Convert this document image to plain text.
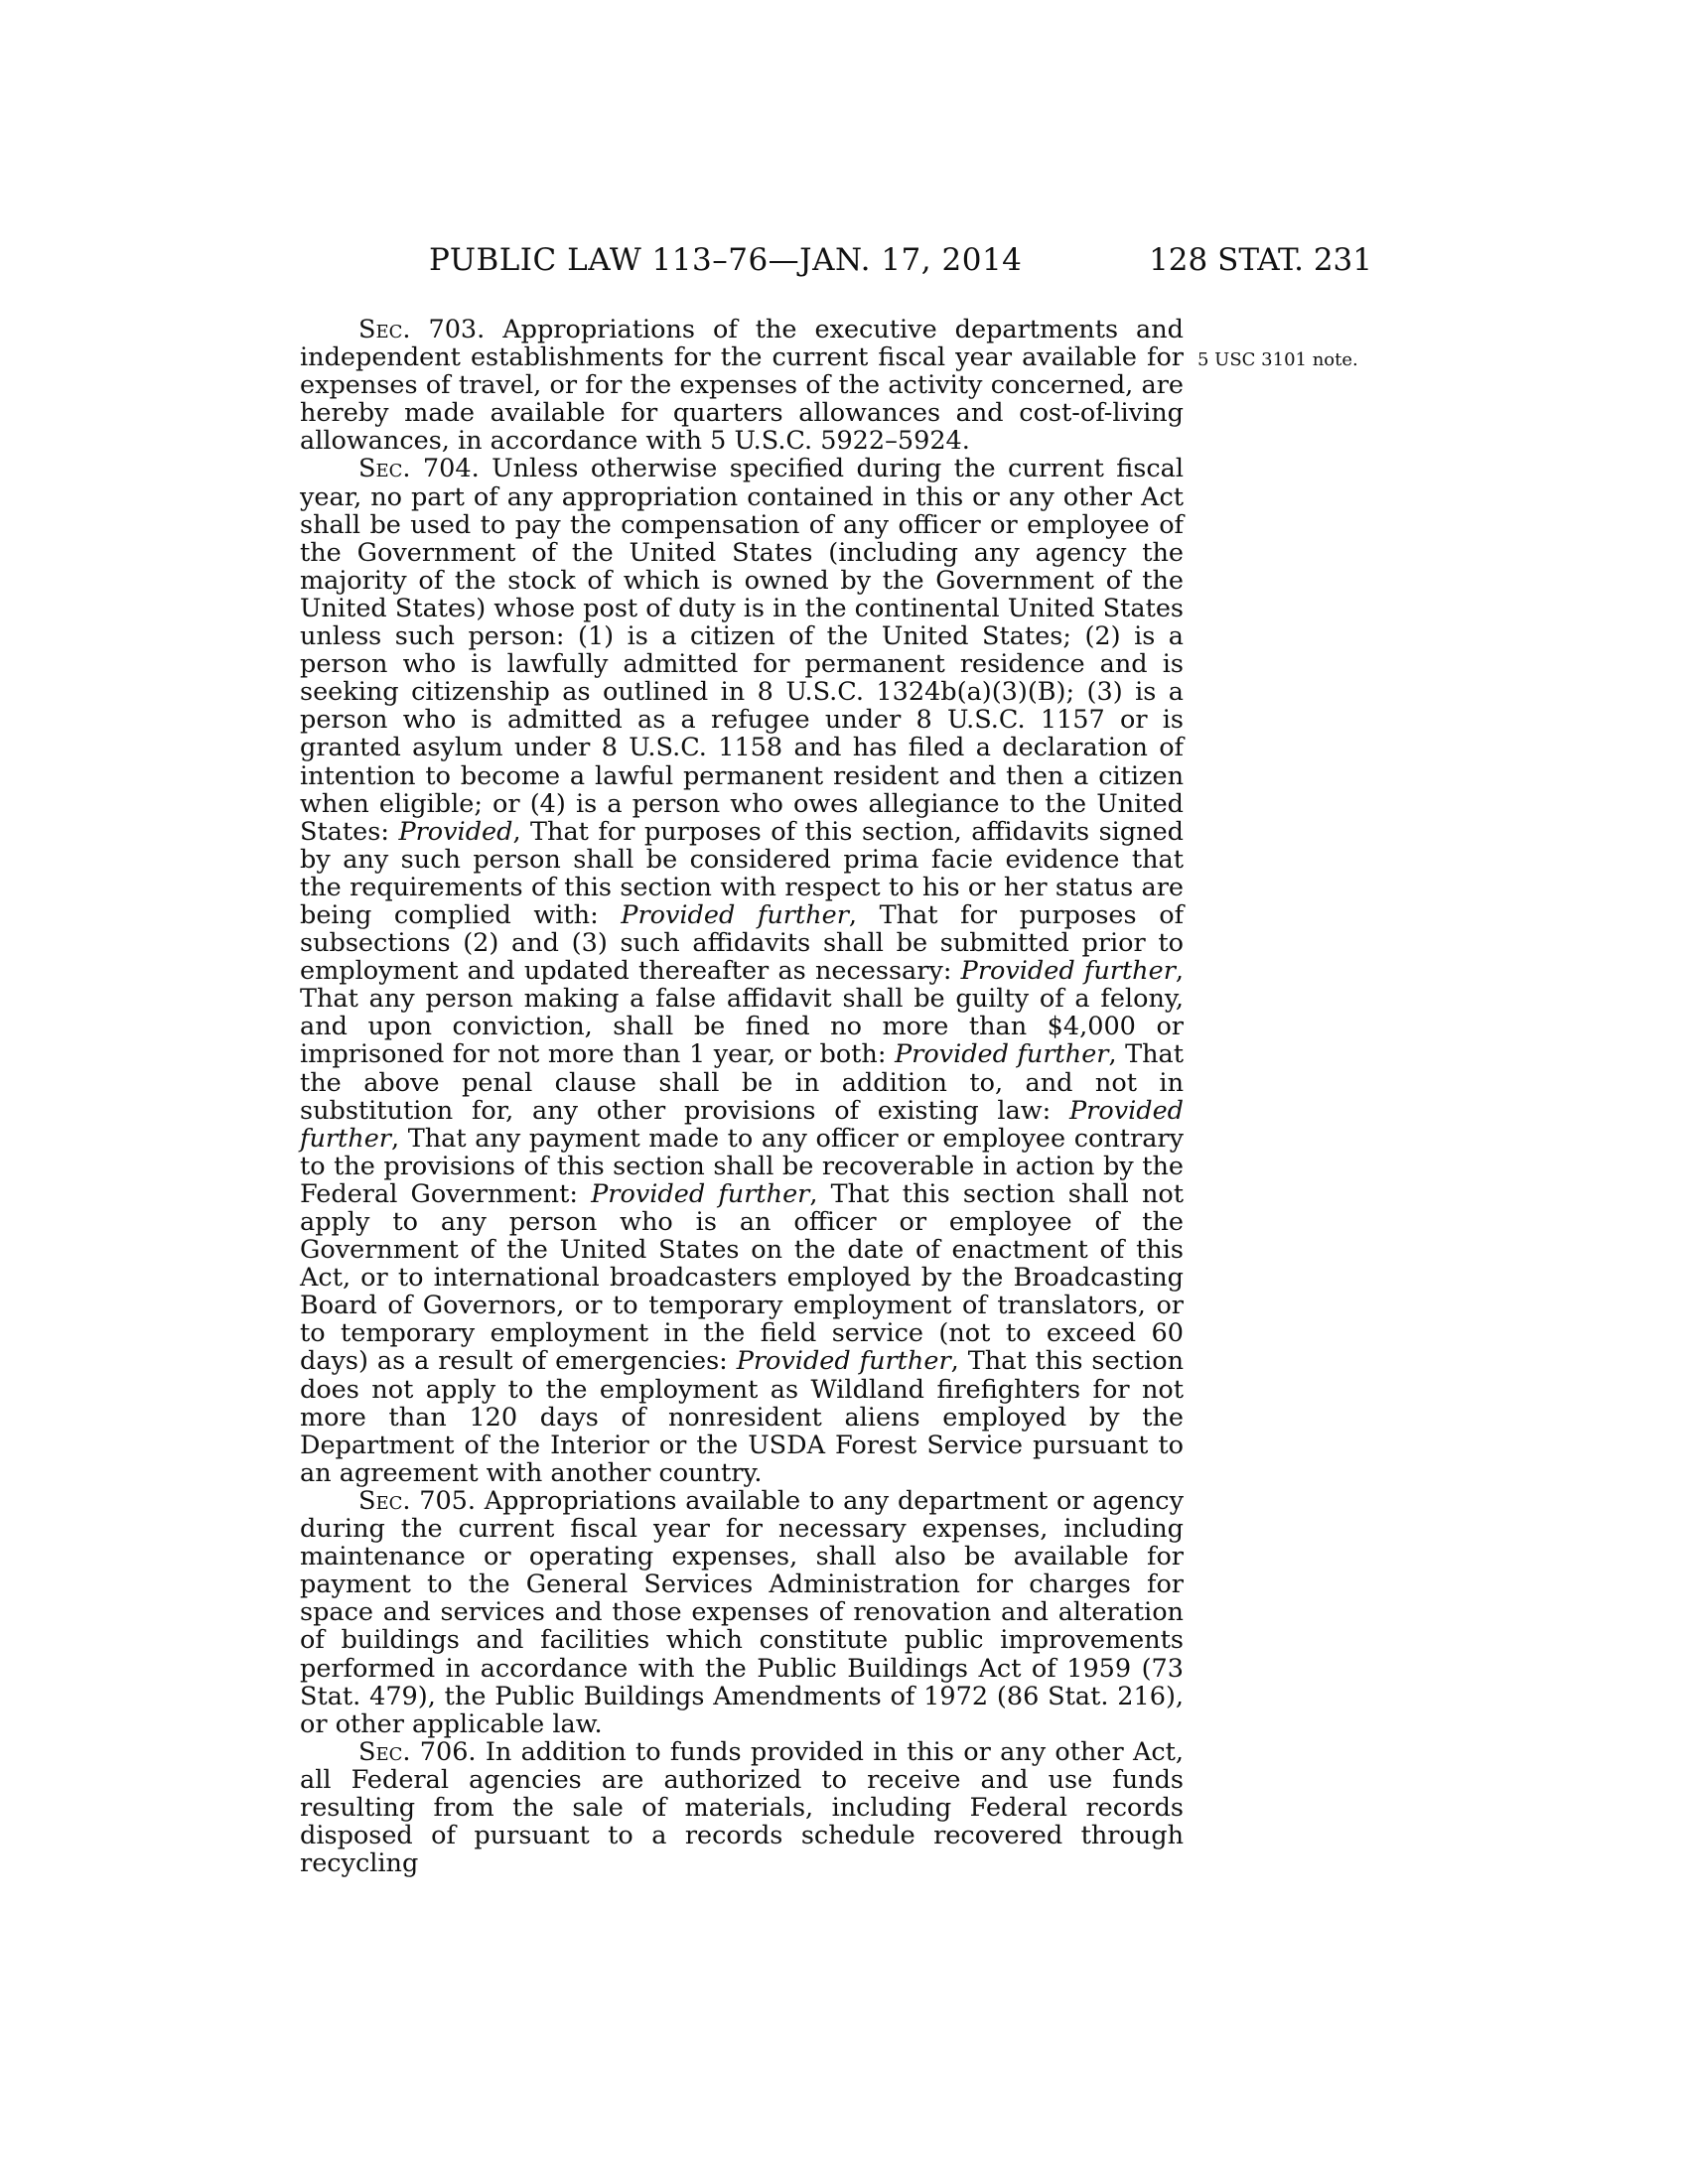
PUBLIC LAW 113–76—JAN. 17, 2014	128 STAT. 231
5 USC 3101 note.

Sec. 703. Appropriations of the executive departments and independent establishments for the current fiscal year available for expenses of travel, or for the expenses of the activity concerned, are hereby made available for quarters allowances and cost-of-living allowances, in accordance with 5 U.S.C. 5922–5924.

Sec. 704. Unless otherwise specified during the current fiscal year, no part of any appropriation contained in this or any other Act shall be used to pay the compensation of any officer or employee of the Government of the United States (including any agency the majority of the stock of which is owned by the Government of the United States) whose post of duty is in the continental United States unless such person: (1) is a citizen of the United States; (2) is a person who is lawfully admitted for permanent residence and is seeking citizenship as outlined in 8 U.S.C. 1324b(a)(3)(B); (3) is a person who is admitted as a refugee under 8 U.S.C. 1157 or is granted asylum under 8 U.S.C. 1158 and has filed a declaration of intention to become a lawful permanent resident and then a citizen when eligible; or (4) is a person who owes allegiance to the United States: Provided, That for purposes of this section, affidavits signed by any such person shall be considered prima facie evidence that the requirements of this section with respect to his or her status are being complied with: Provided further, That for purposes of subsections (2) and (3) such affidavits shall be submitted prior to employment and updated thereafter as necessary: Provided further, That any person making a false affidavit shall be guilty of a felony, and upon conviction, shall be fined no more than $4,000 or imprisoned for not more than 1 year, or both: Provided further, That the above penal clause shall be in addition to, and not in substitution for, any other provisions of existing law: Provided further, That any payment made to any officer or employee contrary to the provisions of this section shall be recoverable in action by the Federal Government: Provided further, That this section shall not apply to any person who is an officer or employee of the Government of the United States on the date of enactment of this Act, or to international broadcasters employed by the Broadcasting Board of Governors, or to temporary employment of translators, or to temporary employment in the field service (not to exceed 60 days) as a result of emergencies: Provided further, That this section does not apply to the employment as Wildland firefighters for not more than 120 days of nonresident aliens employed by the Department of the Interior or the USDA Forest Service pursuant to an agreement with another country.

Sec. 705. Appropriations available to any department or agency during the current fiscal year for necessary expenses, including maintenance or operating expenses, shall also be available for payment to the General Services Administration for charges for space and services and those expenses of renovation and alteration of buildings and facilities which constitute public improvements performed in accordance with the Public Buildings Act of 1959 (73 Stat. 479), the Public Buildings Amendments of 1972 (86 Stat. 216), or other applicable law.

Sec. 706. In addition to funds provided in this or any other Act, all Federal agencies are authorized to receive and use funds resulting from the sale of materials, including Federal records disposed of pursuant to a records schedule recovered through recycling
